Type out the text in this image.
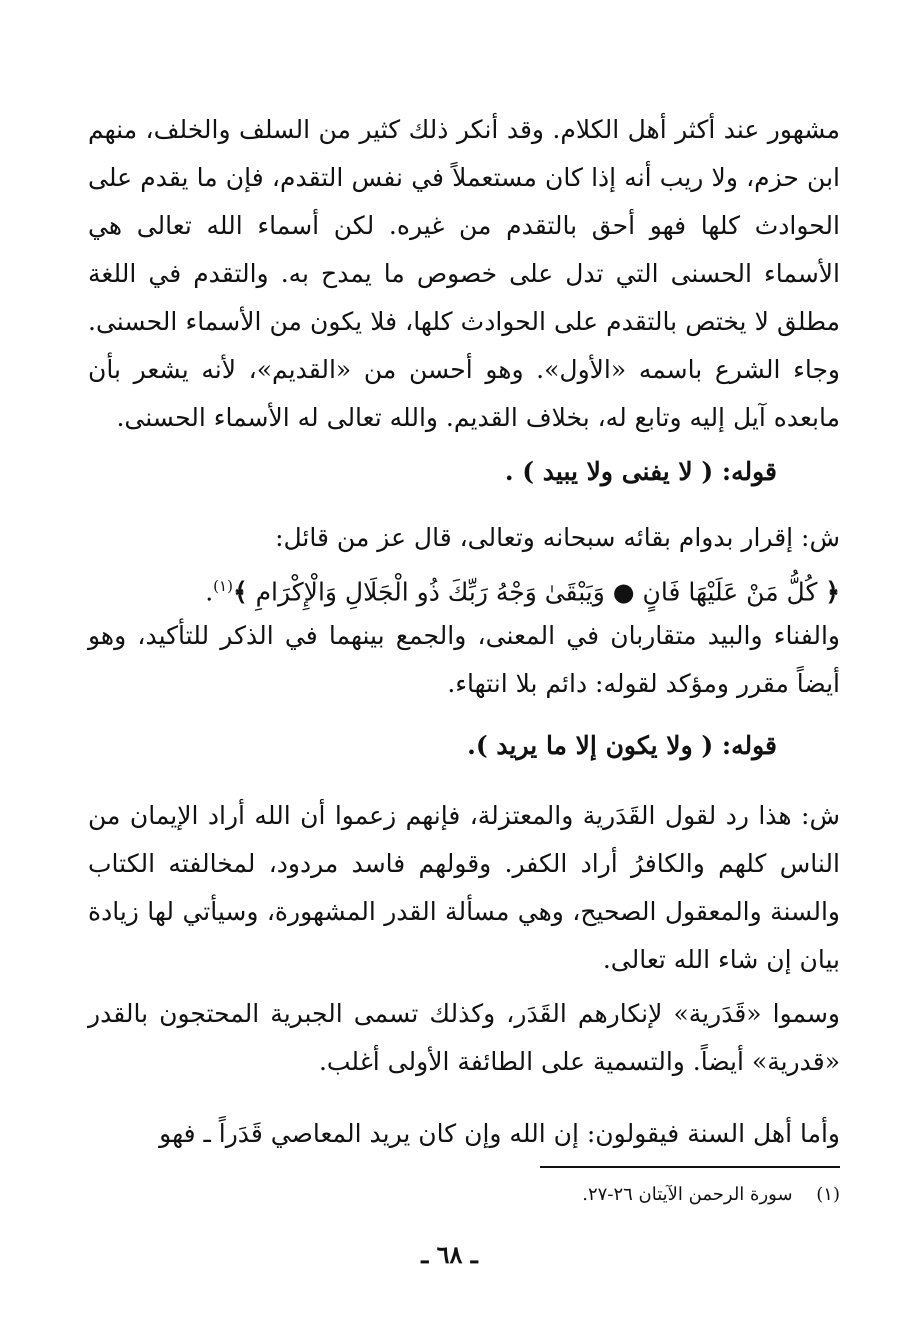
مشهور عند أكثر أهل الكلام. وقد أنكر ذلك كثير من السلف والخلف، منهم ابن حزم، ولا ريب أنه إذا كان مستعملاً في نفس التقدم، فإن ما يقدم على الحوادث كلها فهو أحق بالتقدم من غيره. لكن أسماء الله تعالى هي الأسماء الحسنى التي تدل على خصوص ما يمدح به. والتقدم في اللغة مطلق لا يختص بالتقدم على الحوادث كلها، فلا يكون من الأسماء الحسنى. وجاء الشرع باسمه «الأول». وهو أحسن من «القديم»، لأنه يشعر بأن مابعده آيل إليه وتابع له، بخلاف القديم. والله تعالى له الأسماء الحسنى.
قوله: ( لا يفنى ولا يبيد ) .
ش: إقرار بدوام بقائه سبحانه وتعالى، قال عز من قائل:
﴿ كُلُّ مَنْ عَلَيْهَا فَانٍ ● وَيَبْقَىٰ وَجْهُ رَبِّكَ ذُو الْجَلَالِ وَالْإِكْرَامِ ﴾$^{(١)}$.
والفناء والبيد متقاربان في المعنى، والجمع بينهما في الذكر للتأكيد، وهو أيضاً مقرر ومؤكد لقوله: دائم بلا انتهاء.
قوله: ( ولا يكون إلا ما يريد ).
ش: هذا رد لقول القَدَرية والمعتزلة، فإنهم زعموا أن الله أراد الإيمان من الناس كلهم والكافرُ أراد الكفر. وقولهم فاسد مردود، لمخالفته الكتاب والسنة والمعقول الصحيح، وهي مسألة القدر المشهورة، وسيأتي لها زيادة بيان إن شاء الله تعالى.
وسموا «قَدَرية» لإنكارهم القَدَر، وكذلك تسمى الجبرية المحتجون بالقدر «قدرية» أيضاً. والتسمية على الطائفة الأولى أغلب.
وأما أهل السنة فيقولون: إن الله وإن كان يريد المعاصي قَدَراً ـ فهو
(١) سورة الرحمن الآيتان ٢٦-٢٧.
ـ ٦٨ ـ
